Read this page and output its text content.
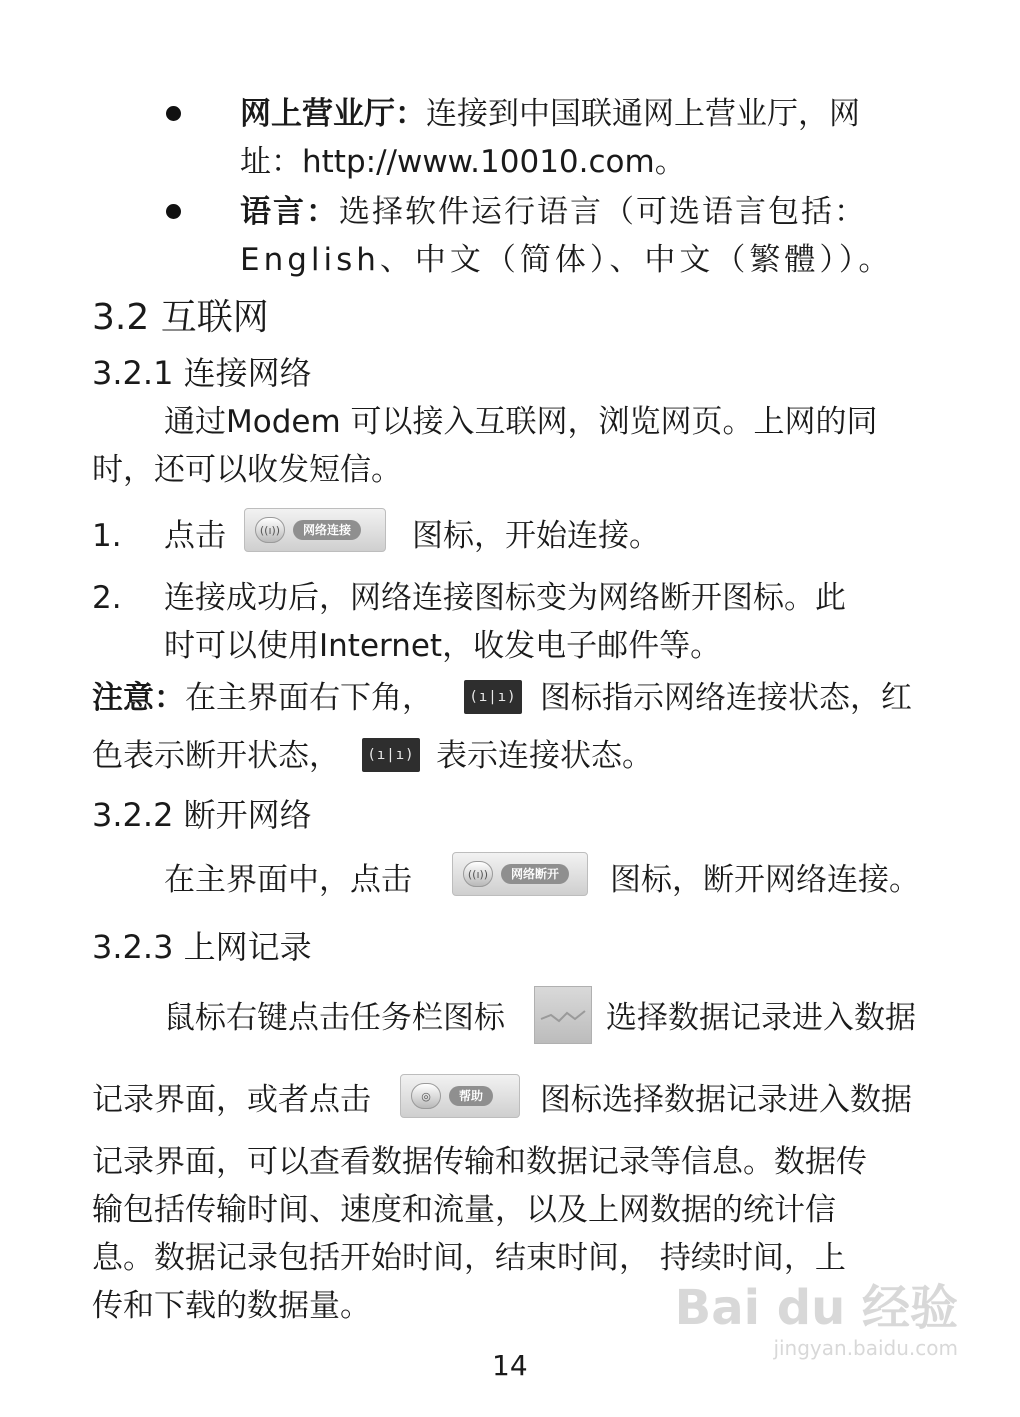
网上营业厅：连接到中国联通网上营业厅，网
址：http://www.10010.com。
语言：选择软件运行语言（可选语言包括：
English、中文（简体）、中文（繁體））。
3.2 互联网
3.2.1 连接网络
通过Modem 可以接入互联网，浏览网页。上网的同
时，还可以收发短信。
1. 点击	((ı))	网络连接	图标，开始连接。
2. 连接成功后，网络连接图标变为网络断开图标。此
时可以使用Internet，收发电子邮件等。
注意：在主界面右下角，	(ı|ı) 图标指示网络连接状态，红
色表示断开状态，	(ı|ı) 表示连接状态。
3.2.2 断开网络
在主界面中，点击	((ı))	网络断开	图标，断开网络连接。
3.2.3 上网记录
鼠标右键点击任务栏图标	选择数据记录进入数据
记录界面，或者点击	◎	帮助	图标选择数据记录进入数据
记录界面，可以查看数据传输和数据记录等信息。数据传
输包括传输时间、速度和流量，以及上网数据的统计信
息。数据记录包括开始时间，结束时间， 持续时间，上
传和下载的数据量。
14
Bai du 经验
jingyan.baidu.com
